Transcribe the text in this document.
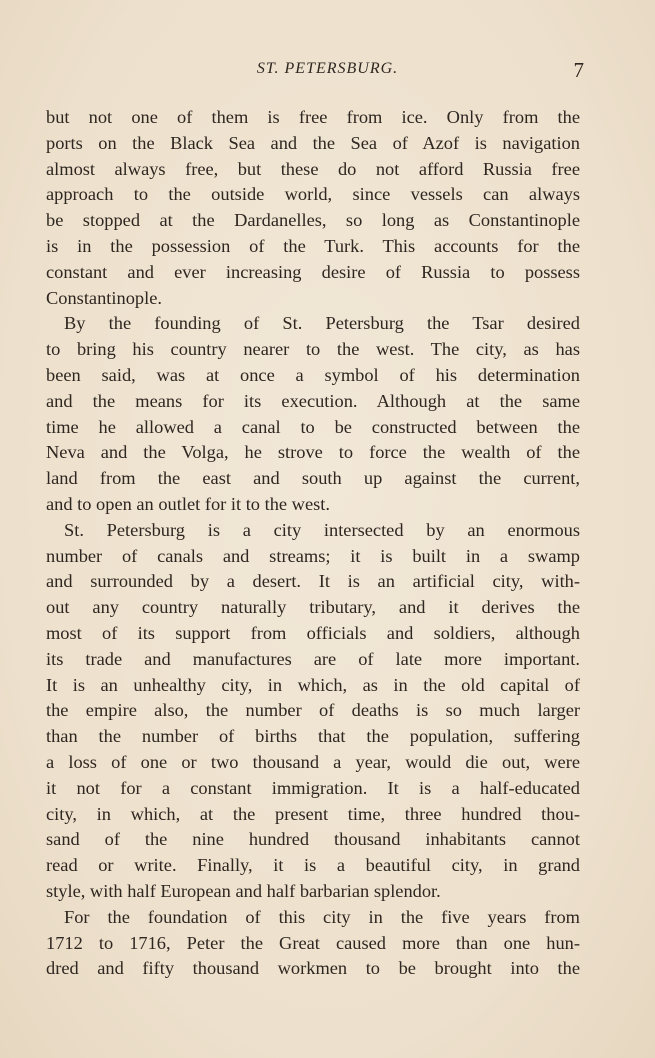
ST. PETERSBURG.	7

but not one of them is free from ice. Only from the
ports on the Black Sea and the Sea of Azof is navigation
almost always free, but these do not afford Russia free
approach to the outside world, since vessels can always
be stopped at the Dardanelles, so long as Constantinople
is in the possession of the Turk. This accounts for the
constant and ever increasing desire of Russia to possess
Constantinople.

By the founding of St. Petersburg the Tsar desired
to bring his country nearer to the west. The city, as has
been said, was at once a symbol of his determination
and the means for its execution. Although at the same
time he allowed a canal to be constructed between the
Neva and the Volga, he strove to force the wealth of the
land from the east and south up against the current,
and to open an outlet for it to the west.

St. Petersburg is a city intersected by an enormous
number of canals and streams; it is built in a swamp
and surrounded by a desert. It is an artificial city, with-
out any country naturally tributary, and it derives the
most of its support from officials and soldiers, although
its trade and manufactures are of late more important.
It is an unhealthy city, in which, as in the old capital of
the empire also, the number of deaths is so much larger
than the number of births that the population, suffering
a loss of one or two thousand a year, would die out, were
it not for a constant immigration. It is a half-educated
city, in which, at the present time, three hundred thou-
sand of the nine hundred thousand inhabitants cannot
read or write. Finally, it is a beautiful city, in grand
style, with half European and half barbarian splendor.

For the foundation of this city in the five years from
1712 to 1716, Peter the Great caused more than one hun-
dred and fifty thousand workmen to be brought into the
